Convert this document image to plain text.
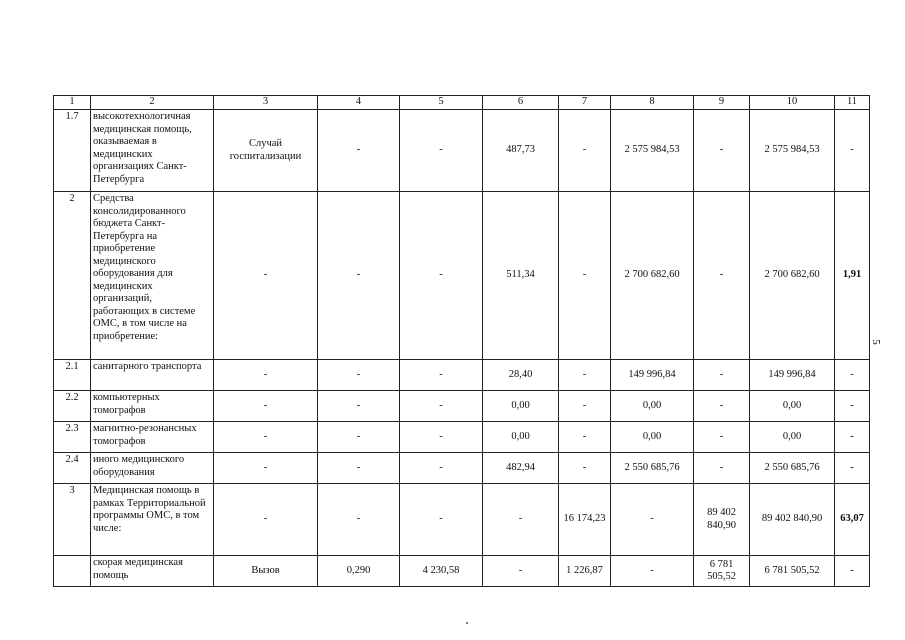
1	2	3	4	5	6	7	8	9	10	11
1.7	высокотехнологичная медицинская помощь, оказываемая в медицинских организациях Санкт-Петербурга	Случай госпитализации	-	-	487,73	-	2 575 984,53	-	2 575 984,53	-
2	Средства консолидированного бюджета Санкт-Петербурга на приобретение медицинского оборудования для медицинских организаций, работающих в системе ОМС, в том числе на приобретение:	-	-	-	511,34	-	2 700 682,60	-	2 700 682,60	1,91
2.1	санитарного транспорта	-	-	-	28,40	-	149 996,84	-	149 996,84	-
2.2	компьютерных томографов	-	-	-	0,00	-	0,00	-	0,00	-
2.3	магнитно-резонансных томографов	-	-	-	0,00	-	0,00	-	0,00	-
2.4	иного медицинского оборудования	-	-	-	482,94	-	2 550 685,76	-	2 550 685,76	-
3	Медицинская помощь в рамках Территориальной программы ОМС, в том числе:	-	-	-	-	16 174,23	-	89 402 840,90	89 402 840,90	63,07
	скорая медицинская помощь	Вызов	0,290	4 230,58	-	1 226,87	-	6 781 505,52	6 781 505,52	-
5
